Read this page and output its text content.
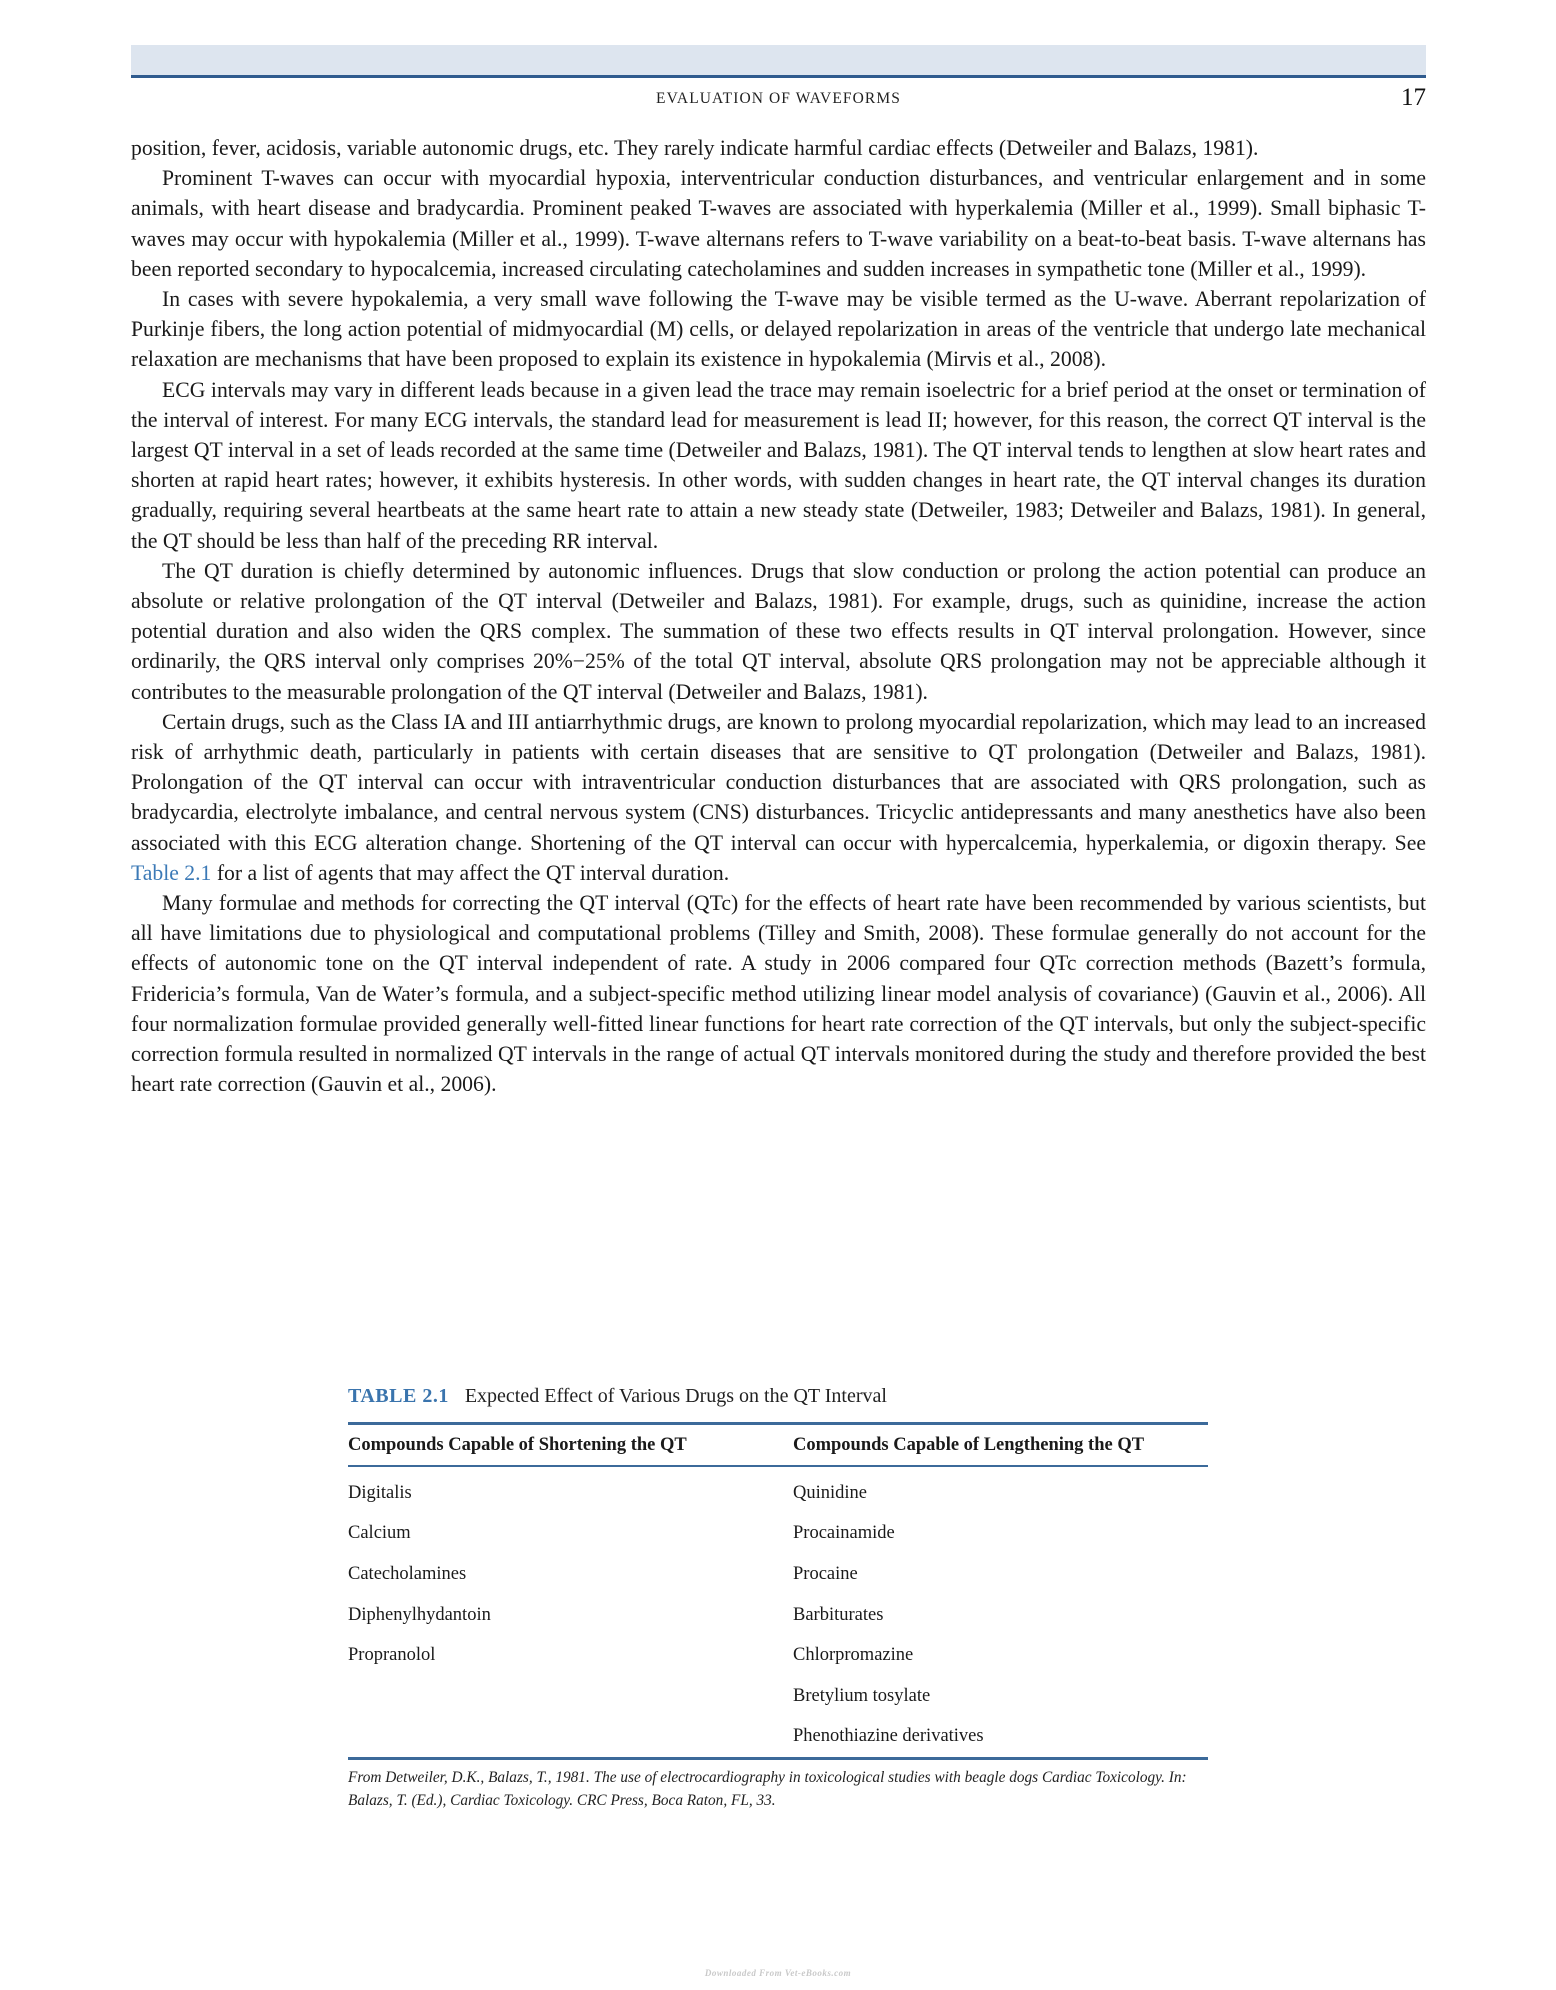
EVALUATION OF WAVEFORMS	17

position, fever, acidosis, variable autonomic drugs, etc. They rarely indicate harmful cardiac effects (Detweiler and Balazs, 1981).

Prominent T-waves can occur with myocardial hypoxia, interventricular conduction disturbances, and ventricular enlargement and in some animals, with heart disease and bradycardia. Prominent peaked T-waves are associated with hyperkalemia (Miller et al., 1999). Small biphasic T-waves may occur with hypokalemia (Miller et al., 1999). T-wave alternans refers to T-wave variability on a beat-to-beat basis. T-wave alternans has been reported secondary to hypocalcemia, increased circulating catecholamines and sudden increases in sympathetic tone (Miller et al., 1999).

In cases with severe hypokalemia, a very small wave following the T-wave may be visible termed as the U-wave. Aberrant repolarization of Purkinje fibers, the long action potential of midmyocardial (M) cells, or delayed repolarization in areas of the ventricle that undergo late mechanical relaxation are mechanisms that have been proposed to explain its existence in hypokalemia (Mirvis et al., 2008).

ECG intervals may vary in different leads because in a given lead the trace may remain isoelectric for a brief period at the onset or termination of the interval of interest. For many ECG intervals, the standard lead for measurement is lead II; however, for this reason, the correct QT interval is the largest QT interval in a set of leads recorded at the same time (Detweiler and Balazs, 1981). The QT interval tends to lengthen at slow heart rates and shorten at rapid heart rates; however, it exhibits hysteresis. In other words, with sudden changes in heart rate, the QT interval changes its duration gradually, requiring several heartbeats at the same heart rate to attain a new steady state (Detweiler, 1983; Detweiler and Balazs, 1981). In general, the QT should be less than half of the preceding RR interval.

The QT duration is chiefly determined by autonomic influences. Drugs that slow conduction or prolong the action potential can produce an absolute or relative prolongation of the QT interval (Detweiler and Balazs, 1981). For example, drugs, such as quinidine, increase the action potential duration and also widen the QRS complex. The summation of these two effects results in QT interval prolongation. However, since ordinarily, the QRS interval only comprises 20%−25% of the total QT interval, absolute QRS prolongation may not be appreciable although it contributes to the measurable prolongation of the QT interval (Detweiler and Balazs, 1981).

Certain drugs, such as the Class IA and III antiarrhythmic drugs, are known to prolong myocardial repolarization, which may lead to an increased risk of arrhythmic death, particularly in patients with certain diseases that are sensitive to QT prolongation (Detweiler and Balazs, 1981). Prolongation of the QT interval can occur with intraventricular conduction disturbances that are associated with QRS prolongation, such as bradycardia, electrolyte imbalance, and central nervous system (CNS) disturbances. Tricyclic antidepressants and many anesthetics have also been associated with this ECG alteration change. Shortening of the QT interval can occur with hypercalcemia, hyperkalemia, or digoxin therapy. See Table 2.1 for a list of agents that may affect the QT interval duration.

Many formulae and methods for correcting the QT interval (QTc) for the effects of heart rate have been recommended by various scientists, but all have limitations due to physiological and computational problems (Tilley and Smith, 2008). These formulae generally do not account for the effects of autonomic tone on the QT interval independent of rate. A study in 2006 compared four QTc correction methods (Bazett’s formula, Fridericia’s formula, Van de Water’s formula, and a subject-specific method utilizing linear model analysis of covariance) (Gauvin et al., 2006). All four normalization formulae provided generally well-fitted linear functions for heart rate correction of the QT intervals, but only the subject-specific correction formula resulted in normalized QT intervals in the range of actual QT intervals monitored during the study and therefore provided the best heart rate correction (Gauvin et al., 2006).

TABLE 2.1 Expected Effect of Various Drugs on the QT Interval
Compounds Capable of Shortening the QT	Compounds Capable of Lengthening the QT
Digitalis	Quinidine
Calcium	Procainamide
Catecholamines	Procaine
Diphenylhydantoin	Barbiturates
Propranolol	Chlorpromazine
	Bretylium tosylate
	Phenothiazine derivatives
From Detweiler, D.K., Balazs, T., 1981. The use of electrocardiography in toxicological studies with beagle dogs Cardiac Toxicology. In: Balazs, T. (Ed.), Cardiac Toxicology. CRC Press, Boca Raton, FL, 33.
Downloaded From Vet-eBooks.com
